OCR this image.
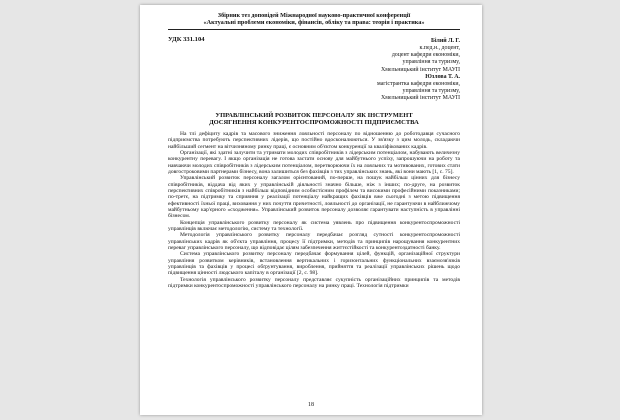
Збірник тез доповідей Міжнародної науково-практичної конференції
«Актуальні проблеми економіки, фінансів, обліку та права: теорія і практика»
УДК 331.104	Білий Л. Г.
к.пед.н., доцент,
доцент кафедри економіки,
управління та туризму,
Хмельницький інститут МАУП
Юзлова Т. А.
магістрантка кафедри економіки,
управління та туризму,
Хмельницький інститут МАУП
УПРАВЛІНСЬКИЙ РОЗВИТОК ПЕРСОНАЛУ ЯК ІНСТРУМЕНТ
ДОСЯГНЕННЯ КОНКУРЕНТОСПРОМОЖНОСТІ ПІДПРИЄМСТВА

На тлі дефіциту кадрів та масового зниження лояльності персоналу по відношенню до роботодавця сучасного підприємства потребують перспективних лідерів, що постійно вдосконалюються. У зв'язку з цим молодь, складаючи найбільший сегмент на вітчизняному ринку праці, є основним об'єктом конкуренції за кваліфікованих кадрів.

Організації, які здатні залучити та утримати молодих співробітників з лідерським потенціалом, набувають величезну конкурентну перевагу. І якщо організація не готова застати основу для майбутнього успіху, запрошуючи на роботу та навчаючи молодих співробітників з лідерським потенціалом, перетворюючи їх на лояльних та мотивованих, готових стати довгостроковими партнерами бізнесу, вона залишиться без фахівців з тих управлінських знань, які вони мають [1, с. 75].

Управлінський розвиток персоналу загалом орієнтований, по-перше, на пошук найбільш цінних для бізнесу співробітників, віддача від яких у управлінській діяльності значно більше, ніж з інших; по-друге, на розвиток перспективних співробітників з найбільш відповідним особистісним профілем та високими професійними показниками; по-третє, на підтримку та сприяння у реалізації потенціалу найкращих фахівців вже сьогодні з метою підвищення ефективності їхньої праці, виховання у них почуття причетності, лояльності до організації, не гарантуючи в найближчому майбутньому кар'єрного «сходження». Управлінський розвиток персоналу дозволяє гарантувати наступність в управлінні бізнесом.

Концепція управлінського розвитку персоналу як система уявлень про підвищення конкурентоспроможності управлінців включає методологію, систему та технології.

Методологія управлінського розвитку персоналу передбачає розгляд сутності конкурентоспроможності управлінських кадрів як об'єкта управління, процесу її підтримки, методів та принципів нарощування конкурентних переваг управлінського персоналу, що відповідає цілям забезпечення життєстійкості та конкурентоздатності банку.

Система управлінського розвитку персоналу передбачає формування цілей, функцій, організаційної структури управління розвитком керівників, встановлення вертикальних і горизонтальних функціональних взаємозв'язків управлінців та фахівців у процесі обґрунтування, вироблення, прийняття та реалізації управлінських рішень щодо підвищення цінності людського капіталу в організації [2, с. 98].

Технологія управлінського розвитку персоналу представляє сукупність організаційних принципів та методів підтримки конкурентоспроможності управлінського персоналу на ринку праці. Технологія підтримки

18
